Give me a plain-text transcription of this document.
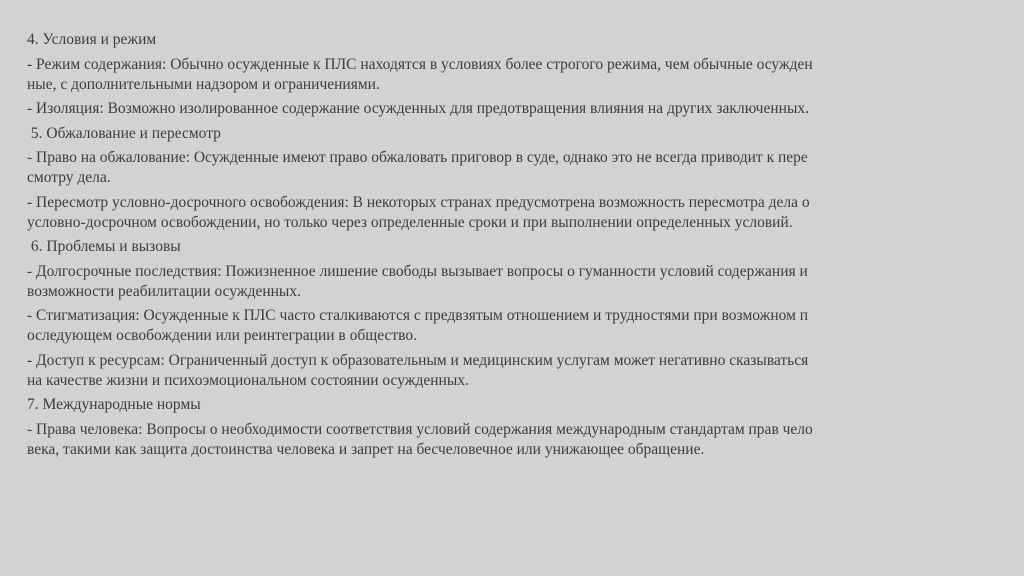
4. Условия и режим
- Режим содержания: Обычно осужденные к ПЛС находятся в условиях более строгого режима, чем обычные осужден
ные, с дополнительными надзором и ограничениями.
- Изоляция: Возможно изолированное содержание осужденных для предотвращения влияния на других заключенных.
5. Обжалование и пересмотр
- Право на обжалование: Осужденные имеют право обжаловать приговор в суде, однако это не всегда приводит к пере
смотру дела.
- Пересмотр условно-досрочного освобождения: В некоторых странах предусмотрена возможность пересмотра дела о
условно-досрочном освобождении, но только через определенные сроки и при выполнении определенных условий.
6. Проблемы и вызовы
- Долгосрочные последствия: Пожизненное лишение свободы вызывает вопросы о гуманности условий содержания и
возможности реабилитации осужденных.
- Стигматизация: Осужденные к ПЛС часто сталкиваются с предвзятым отношением и трудностями при возможном п
ослед​ующем освобождении или реинтеграции в общество.
- Доступ к ресурсам: Ограниченный доступ к образовательным и медицинским услугам может негативно сказываться
на качестве жизни и психоэмоциональном состоянии осужденных.
7. Международные нормы
- Права человека: Вопросы о необходимости соответствия условий содержания международным стандартам прав чело
века, такими как защита достоинства человека и запрет на бесчеловечное или унижающее обращение.
